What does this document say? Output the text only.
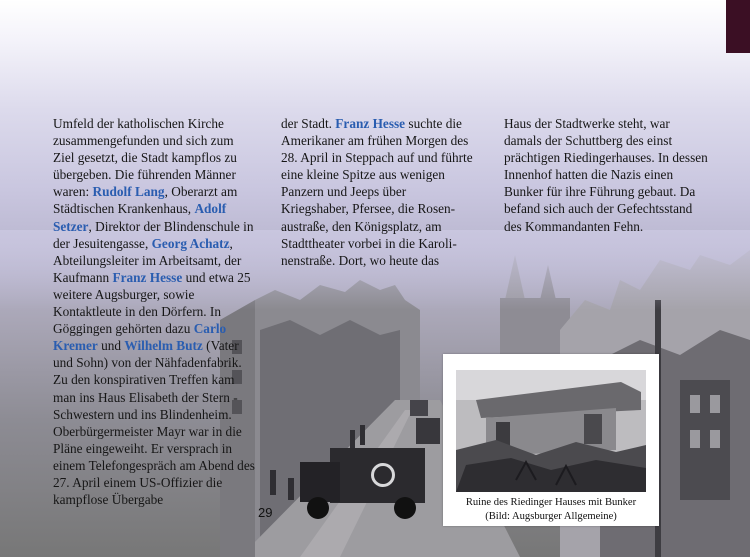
Umfeld der katholischen Kirche zusammengefunden und sich zum Ziel gesetzt, die Stadt kampflos zu übergeben. Die führenden Männer waren: Rudolf Lang, Oberarzt am Städtischen Krankenhaus, Adolf Setzer, Direktor der Blindenschule in der Jesuitengasse, Georg Achatz, Abteilungsleiter im Arbeitsamt, der Kaufmann Franz Hesse und etwa 25 weitere Augsburger, sowie Kontaktleute in den Dörfern. In Göggingen gehörten dazu Carlo Kremer und Wilhelm Butz (Vater und Sohn) von der Nähfadenfabrik. Zu den konspirativen Treffen kam man ins Haus Elisabeth der Stern - Schwestern und ins Blindenheim. Oberbürgermeister Mayr war in die Pläne eingeweiht. Er versprach in einem Telefongespräch am Abend des 27. April einem US-Offizier die kampflose Übergabe

der Stadt. Franz Hesse suchte die Amerikaner am frühen Morgen des 28. April in Steppach auf und führte eine kleine Spitze aus wenigen Panzern und Jeeps über Kriegshaber, Pfersee, die Rosen-austraße, den Königsplatz, am Stadttheater vorbei in die Karoli-nenstraße. Dort, wo heute das

Haus der Stadtwerke steht, war damals der Schuttberg des einst prächtigen Riedingerhauses. In dessen Innenhof hatten die Nazis einen Bunker für ihre Führung gebaut. Da befand sich auch der Gefechtsstand des Kommandanten Fehn.

29
Ruine des Riedinger Hauses mit Bunker
(Bild: Augsburger Allgemeine)
